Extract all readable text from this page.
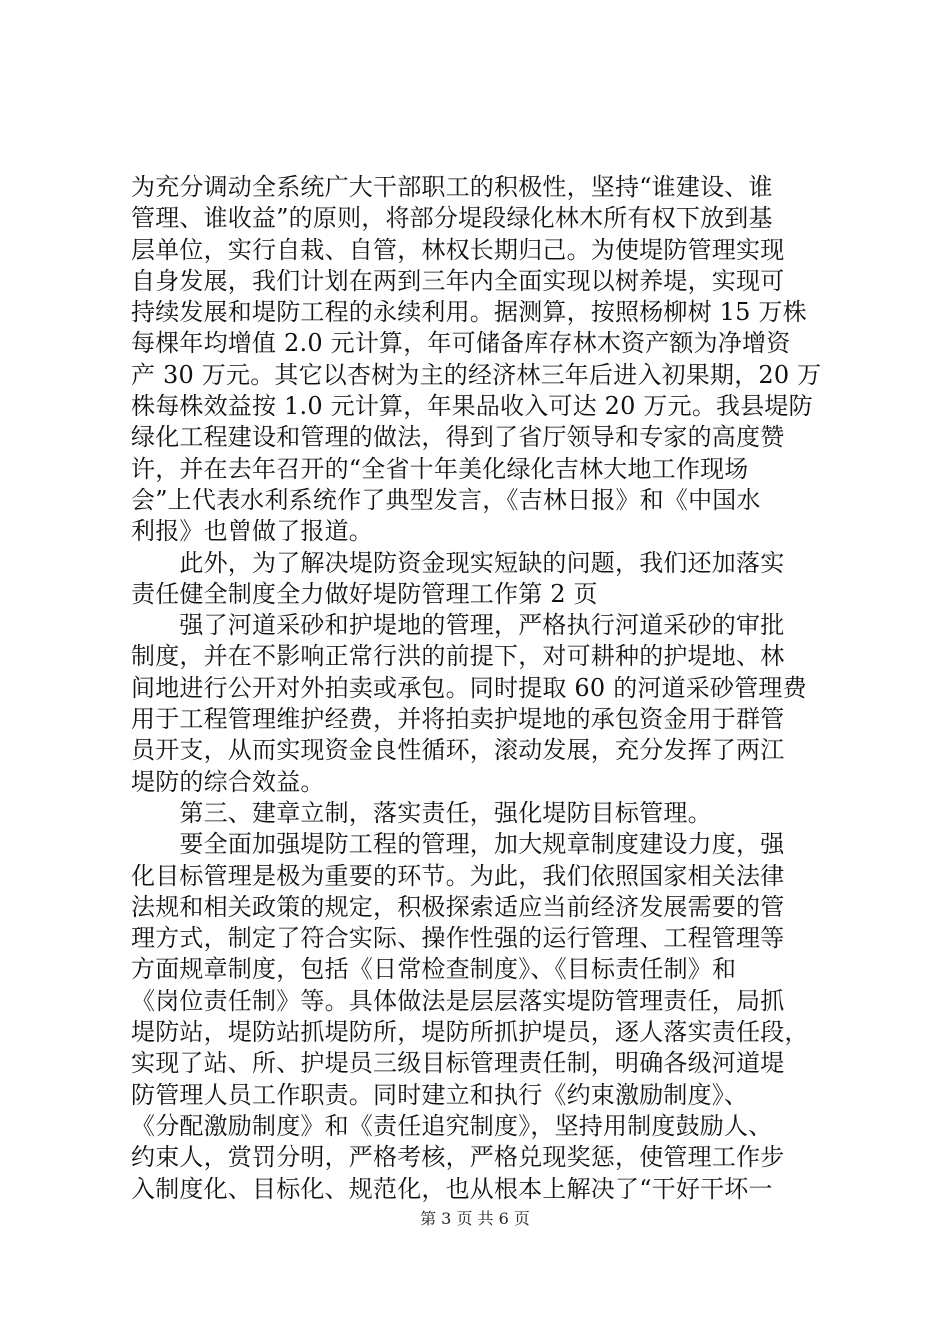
为充分调动全系统广大干部职工的积极性，坚持“谁建设、谁
管理、谁收益”的原则，将部分堤段绿化林木所有权下放到基
层单位，实行自栽、自管，林权长期归己。为使堤防管理实现
自身发展，我们计划在两到三年内全面实现以树养堤，实现可
持续发展和堤防工程的永续利用。据测算，按照杨柳树 15 万株
每棵年均增值 2.0 元计算，年可储备库存林木资产额为净增资
产 30 万元。其它以杏树为主的经济林三年后进入初果期，20 万
株每株效益按 1.0 元计算，年果品收入可达 20 万元。我县堤防
绿化工程建设和管理的做法，得到了省厅领导和专家的高度赞
许，并在去年召开的“全省十年美化绿化吉林大地工作现场
会”上代表水利系统作了典型发言，《吉林日报》和《中国水
利报》也曾做了报道。
　　此外，为了解决堤防资金现实短缺的问题，我们还加落实
责任健全制度全力做好堤防管理工作第 2 页
　　强了河道采砂和护堤地的管理，严格执行河道采砂的审批
制度，并在不影响正常行洪的前提下，对可耕种的护堤地、林
间地进行公开对外拍卖或承包。同时提取 60 的河道采砂管理费
用于工程管理维护经费，并将拍卖护堤地的承包资金用于群管
员开支，从而实现资金良性循环，滚动发展，充分发挥了两江
堤防的综合效益。
　　第三、建章立制，落实责任，强化堤防目标管理。
　　要全面加强堤防工程的管理，加大规章制度建设力度，强
化目标管理是极为重要的环节。为此，我们依照国家相关法律
法规和相关政策的规定，积极探索适应当前经济发展需要的管
理方式，制定了符合实际、操作性强的运行管理、工程管理等
方面规章制度，包括《日常检查制度》、《目标责任制》和
《岗位责任制》等。具体做法是层层落实堤防管理责任，局抓
堤防站，堤防站抓堤防所，堤防所抓护堤员，逐人落实责任段，
实现了站、所、护堤员三级目标管理责任制，明确各级河道堤
防管理人员工作职责。同时建立和执行《约束激励制度》、
《分配激励制度》和《责任追究制度》，坚持用制度鼓励人、
约束人，赏罚分明，严格考核，严格兑现奖惩，使管理工作步
入制度化、目标化、规范化，也从根本上解决了“干好干坏一
第 3 页 共 6 页
